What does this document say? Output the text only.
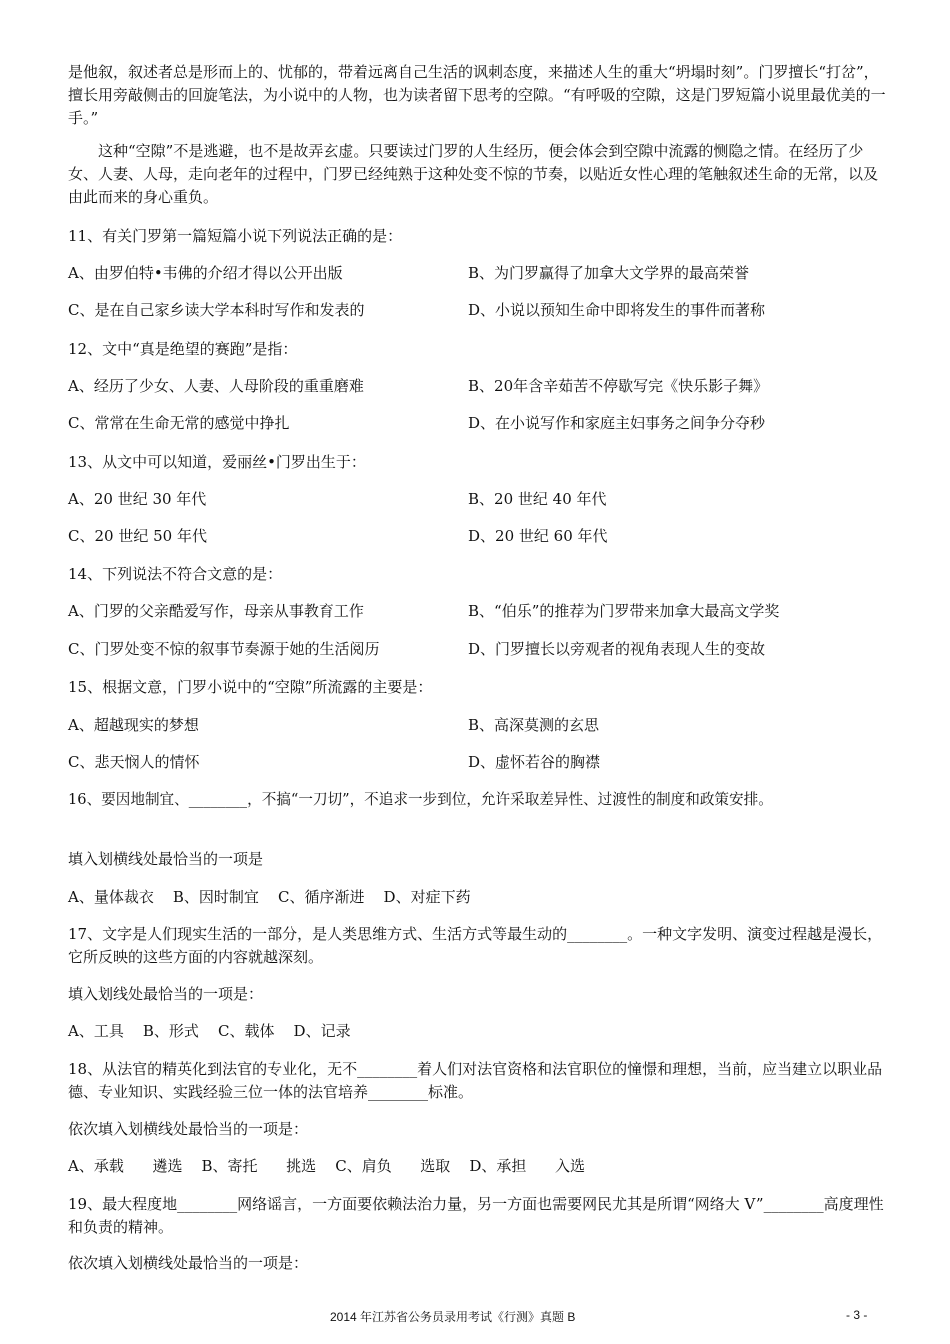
是他叙，叙述者总是形而上的、忧郁的，带着远离自己生活的讽刺态度，来描述人生的重大“坍塌时刻”。门罗擅长“打岔”，擅长用旁敲侧击的回旋笔法，为小说中的人物，也为读者留下思考的空隙。“有呼吸的空隙，这是门罗短篇小说里最优美的一手。”
这种“空隙”不是逃避，也不是故弄玄虚。只要读过门罗的人生经历，便会体会到空隙中流露的恻隐之情。在经历了少女、人妻、人母，走向老年的过程中，门罗已经纯熟于这种处变不惊的节奏，以贴近女性心理的笔触叙述生命的无常，以及由此而来的身心重负。
11、有关门罗第一篇短篇小说下列说法正确的是：
A、由罗伯特•韦佛的介绍才得以公开出版	B、为门罗赢得了加拿大文学界的最高荣誉
C、是在自己家乡读大学本科时写作和发表的	D、小说以预知生命中即将发生的事件而著称
12、文中“真是绝望的赛跑”是指：
A、经历了少女、人妻、人母阶段的重重磨难	B、20年含辛茹苦不停歇写完《快乐影子舞》
C、常常在生命无常的感觉中挣扎	D、在小说写作和家庭主妇事务之间争分夺秒
13、从文中可以知道，爱丽丝•门罗出生于：
A、20 世纪 30 年代	B、20 世纪 40 年代
C、20 世纪 50 年代	D、20 世纪 60 年代
14、下列说法不符合文意的是：
A、门罗的父亲酷爱写作，母亲从事教育工作	B、“伯乐”的推荐为门罗带来加拿大最高文学奖
C、门罗处变不惊的叙事节奏源于她的生活阅历	D、门罗擅长以旁观者的视角表现人生的变故
15、根据文意，门罗小说中的“空隙”所流露的主要是：
A、超越现实的梦想	B、高深莫测的玄思
C、悲天悯人的情怀	D、虚怀若谷的胸襟
16、要因地制宜、________，不搞“一刀切”，不追求一步到位，允许采取差异性、过渡性的制度和政策安排。
填入划横线处最恰当的一项是
A、量体裁衣    B、因时制宜    C、循序渐进    D、对症下药
17、文字是人们现实生活的一部分，是人类思维方式、生活方式等最生动的________。一种文字发明、演变过程越是漫长，它所反映的这些方面的内容就越深刻。
填入划线处最恰当的一项是：
A、工具    B、形式    C、载体    D、记录
18、从法官的精英化到法官的专业化，无不________着人们对法官资格和法官职位的憧憬和理想，当前，应当建立以职业品德、专业知识、实践经验三位一体的法官培养________标准。
依次填入划横线处最恰当的一项是：
A、承载      遴选    B、寄托      挑选    C、肩负      选取    D、承担      入选
19、最大程度地________网络谣言，一方面要依赖法治力量，另一方面也需要网民尤其是所谓“网络大 V”________高度理性和负责的精神。
依次填入划横线处最恰当的一项是：
2014 年江苏省公务员录用考试《行测》真题 B	- 3 -
